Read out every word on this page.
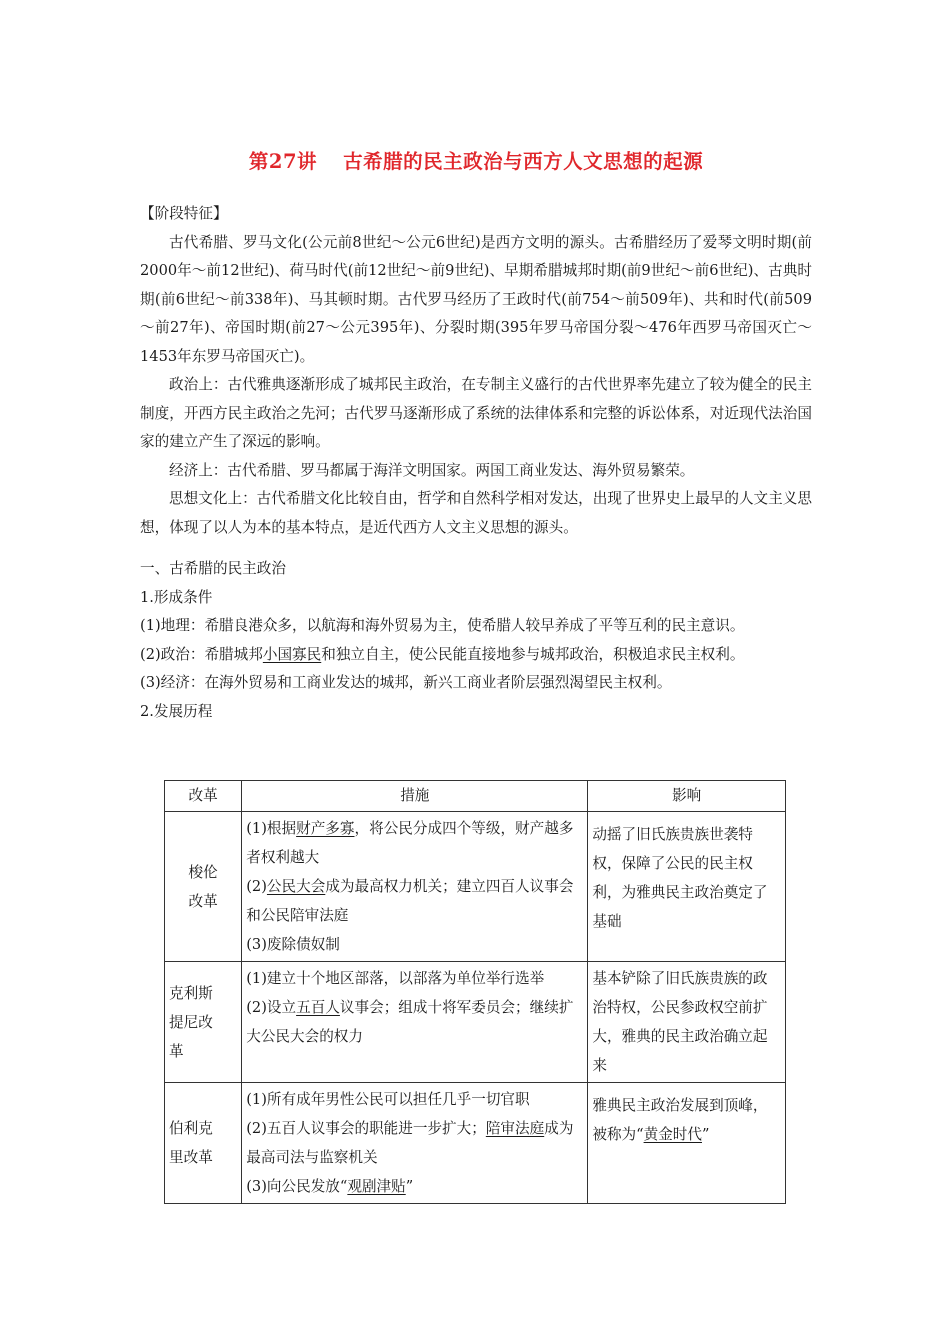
第27讲 古希腊的民主政治与西方人文思想的起源

【阶段特征】

古代希腊、罗马文化(公元前8世纪～公元6世纪)是西方文明的源头。古希腊经历了爱琴文明时期(前2000年～前12世纪)、荷马时代(前12世纪～前9世纪)、早期希腊城邦时期(前9世纪～前6世纪)、古典时期(前6世纪～前338年)、马其顿时期。古代罗马经历了王政时代(前754～前509年)、共和时代(前509～前27年)、帝国时期(前27～公元395年)、分裂时期(395年罗马帝国分裂～476年西罗马帝国灭亡～1453年东罗马帝国灭亡)。

政治上：古代雅典逐渐形成了城邦民主政治，在专制主义盛行的古代世界率先建立了较为健全的民主制度，开西方民主政治之先河；古代罗马逐渐形成了系统的法律体系和完整的诉讼体系，对近现代法治国家的建立产生了深远的影响。

经济上：古代希腊、罗马都属于海洋文明国家。两国工商业发达、海外贸易繁荣。

思想文化上：古代希腊文化比较自由，哲学和自然科学相对发达，出现了世界史上最早的人文主义思想，体现了以人为本的基本特点，是近代西方人文主义思想的源头。

一、古希腊的民主政治

1.形成条件

(1)地理：希腊良港众多，以航海和海外贸易为主，使希腊人较早养成了平等互利的民主意识。

(2)政治：希腊城邦小国寡民和独立自主，使公民能直接地参与城邦政治，积极追求民主权利。

(3)经济：在海外贸易和工商业发达的城邦，新兴工商业者阶层强烈渴望民主权利。

2.发展历程

改革	措施	影响

梭伦
改革	(1)根据财产多寡，将公民分成四个等级，财产越多者权利越大
(2)公民大会成为最高权力机关；建立四百人议事会和公民陪审法庭
(3)废除债奴制	动摇了旧氏族贵族世袭特权，保障了公民的民主权利，为雅典民主政治奠定了基础

克利斯
提尼改
革	(1)建立十个地区部落，以部落为单位举行选举
(2)设立五百人议事会；组成十将军委员会；继续扩大公民大会的权力	基本铲除了旧氏族贵族的政治特权，公民参政权空前扩大，雅典的民主政治确立起来

伯利克
里改革	(1)所有成年男性公民可以担任几乎一切官职
(2)五百人议事会的职能进一步扩大；陪审法庭成为最高司法与监察机关
(3)向公民发放“观剧津贴”	雅典民主政治发展到顶峰，被称为“黄金时代”
